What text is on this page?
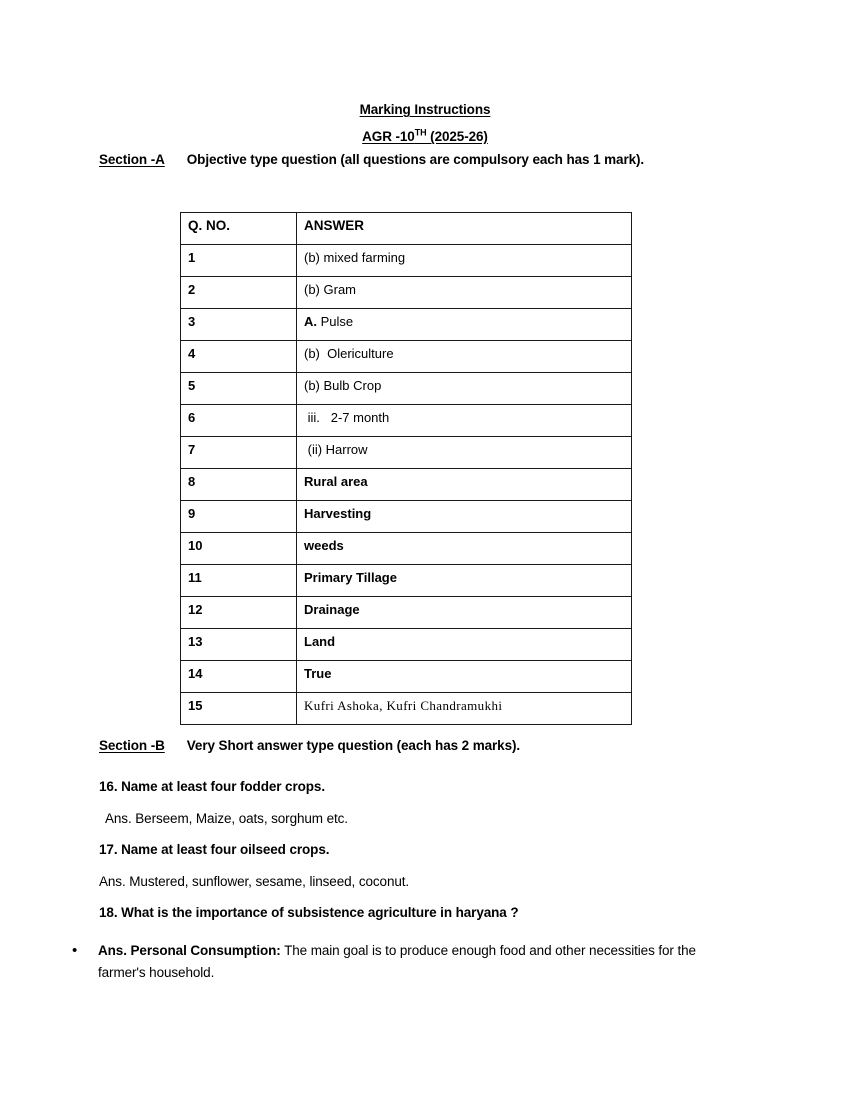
Marking Instructions
AGR -10TH (2025-26)
Section -A Objective type question (all questions are compulsory each has 1 mark).
Q. NO.	ANSWER
1	(b) mixed farming
2	(b) Gram
3	A. Pulse
4	(b)  Olericulture
5	(b) Bulb Crop
6	iii.   2-7 month
7	(ii) Harrow
8	Rural area
9	Harvesting
10	weeds
11	Primary Tillage
12	Drainage
13	Land
14	True
15	Kufri Ashoka, Kufri Chandramukhi
Section -B Very Short answer type question (each has 2 marks).
16. Name at least four fodder crops.
Ans. Berseem, Maize, oats, sorghum etc.
17. Name at least four oilseed crops.
Ans. Mustered, sunflower, sesame, linseed, coconut.
18. What is the importance of subsistence agriculture in haryana ?
•	Ans. Personal Consumption: The main goal is to produce enough food and other necessities for the farmer's household.
